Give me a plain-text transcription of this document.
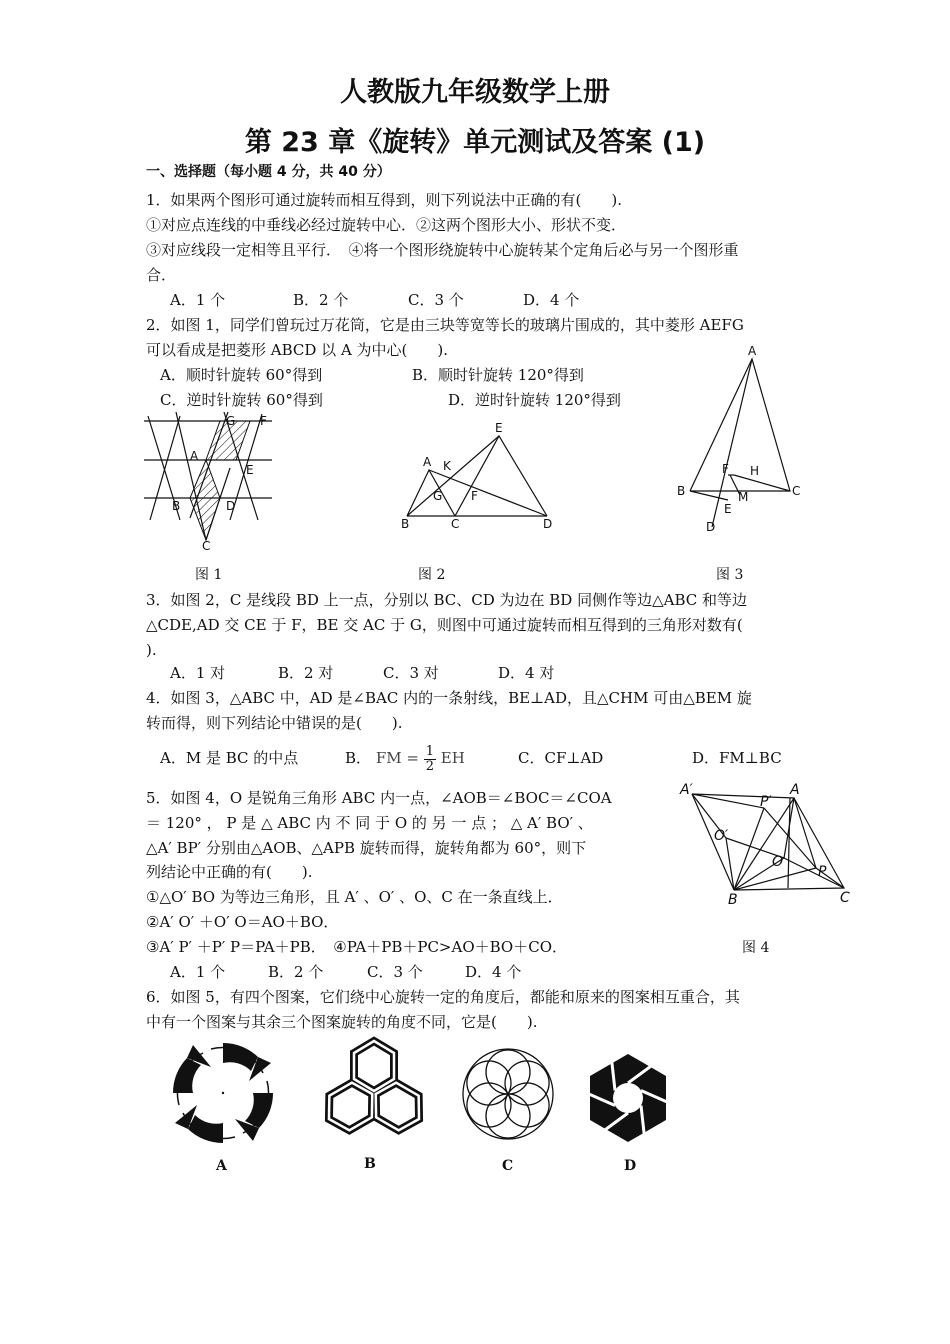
人教版九年级数学上册
第 23 章《旋转》单元测试及答案 (1)
一、选择题（每小题 4 分，共 40 分）
1．如果两个图形可通过旋转而相互得到，则下列说法中正确的有(　　).
①对应点连线的中垂线必经过旋转中心．②这两个图形大小、形状不变．
③对应线段一定相等且平行．　④将一个图形绕旋转中心旋转某个定角后必与另一个图形重
合．
A．1 个	B．2 个	C．3 个	D．4 个
2．如图 1，同学们曾玩过万花筒，它是由三块等宽等长的玻璃片围成的，其中菱形 AEFG
可以看成是把菱形 ABCD 以 A 为中心(　　).
A．顺时针旋转 60°得到	B．顺时针旋转 120°得到
C．逆时针旋转 60°得到	D．逆时针旋转 120°得到
G F
A
E
B	D
C
图 1
E
A K
G F
B	C	D
图 2
A
F H
M
B	C
E
D
图 3
3．如图 2，C 是线段 BD 上一点，分别以 BC、CD 为边在 BD 同侧作等边△ABC 和等边
△CDE,AD 交 CE 于 F，BE 交 AC 于 G，则图中可通过旋转而相互得到的三角形对数有(
).
A．1 对	B．2 对	C．3 对	D．4 对
4．如图 3，△ABC 中，AD 是∠BAC 内的一条射线，BE⊥AD，且△CHM 可由△BEM 旋
转而得，则下列结论中错误的是(　　).
A．M 是 BC 的中点	B． FM = $\frac{1}{2}$ EH	C．CF⊥AD	D．FM⊥BC
5．如图 4，O 是锐角三角形 ABC 内一点，∠AOB＝∠BOC＝∠COA
＝ 120° ， P 是 △ ABC 内 不 同 于 O 的 另 一 点 ； △ A′ BO′ 、
△A′ BP′ 分别由△AOB、△APB 旋转而得，旋转角都为 60°，则下
列结论中正确的有(　　).
①△O′ BO 为等边三角形，且 A′ 、O′ 、O、C 在一条直线上．
②A′ O′ ＋O′ O＝AO＋BO．
③A′ P′ ＋P′ P＝PA＋PB．　④PA＋PB＋PC>AO＋BO＋CO．
A．1 个	B．2 个	C．3 个	D．4 个
A′
P′
A
O′
O
P
B	C
图 4
6．如图 5，有四个图案，它们绕中心旋转一定的角度后，都能和原来的图案相互重合，其
中有一个图案与其余三个图案旋转的角度不同，它是(　　).
A	B	C	D
